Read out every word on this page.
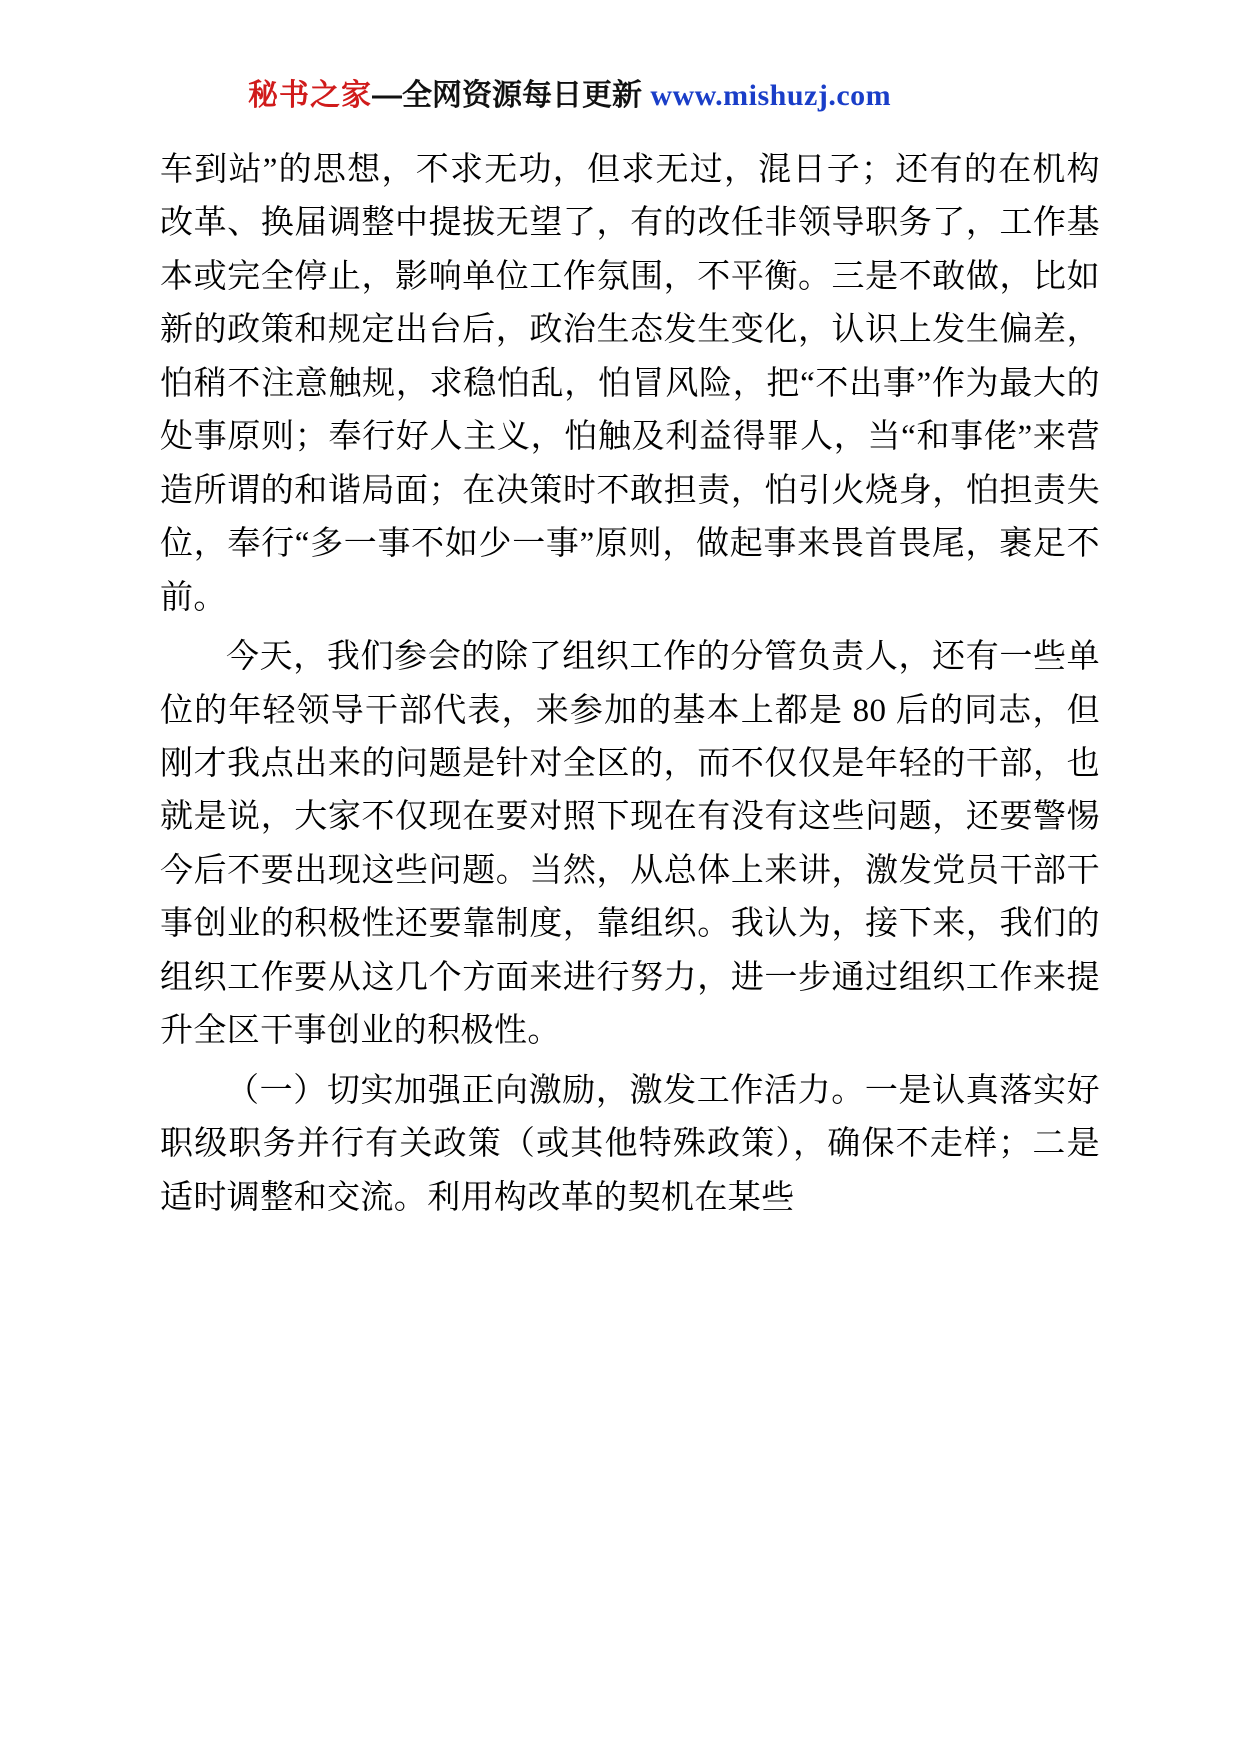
秘书之家—全网资源每日更新 www.mishuzj.com

车到站”的思想，不求无功，但求无过，混日子；还有的在机构改革、换届调整中提拔无望了，有的改任非领导职务了，工作基本或完全停止，影响单位工作氛围，不平衡。三是不敢做，比如新的政策和规定出台后，政治生态发生变化，认识上发生偏差，怕稍不注意触规，求稳怕乱，怕冒风险，把“不出事”作为最大的处事原则；奉行好人主义，怕触及利益得罪人，当“和事佬”来营造所谓的和谐局面；在决策时不敢担责，怕引火烧身，怕担责失位，奉行“多一事不如少一事”原则，做起事来畏首畏尾，裹足不前。

今天，我们参会的除了组织工作的分管负责人，还有一些单位的年轻领导干部代表，来参加的基本上都是 80 后的同志，但刚才我点出来的问题是针对全区的，而不仅仅是年轻的干部，也就是说，大家不仅现在要对照下现在有没有这些问题，还要警惕今后不要出现这些问题。当然，从总体上来讲，激发党员干部干事创业的积极性还要靠制度，靠组织。我认为，接下来，我们的组织工作要从这几个方面来进行努力，进一步通过组织工作来提升全区干事创业的积极性。

（一）切实加强正向激励，激发工作活力。一是认真落实好职级职务并行有关政策（或其他特殊政策），确保不走样；二是适时调整和交流。利用构改革的契机在某些
